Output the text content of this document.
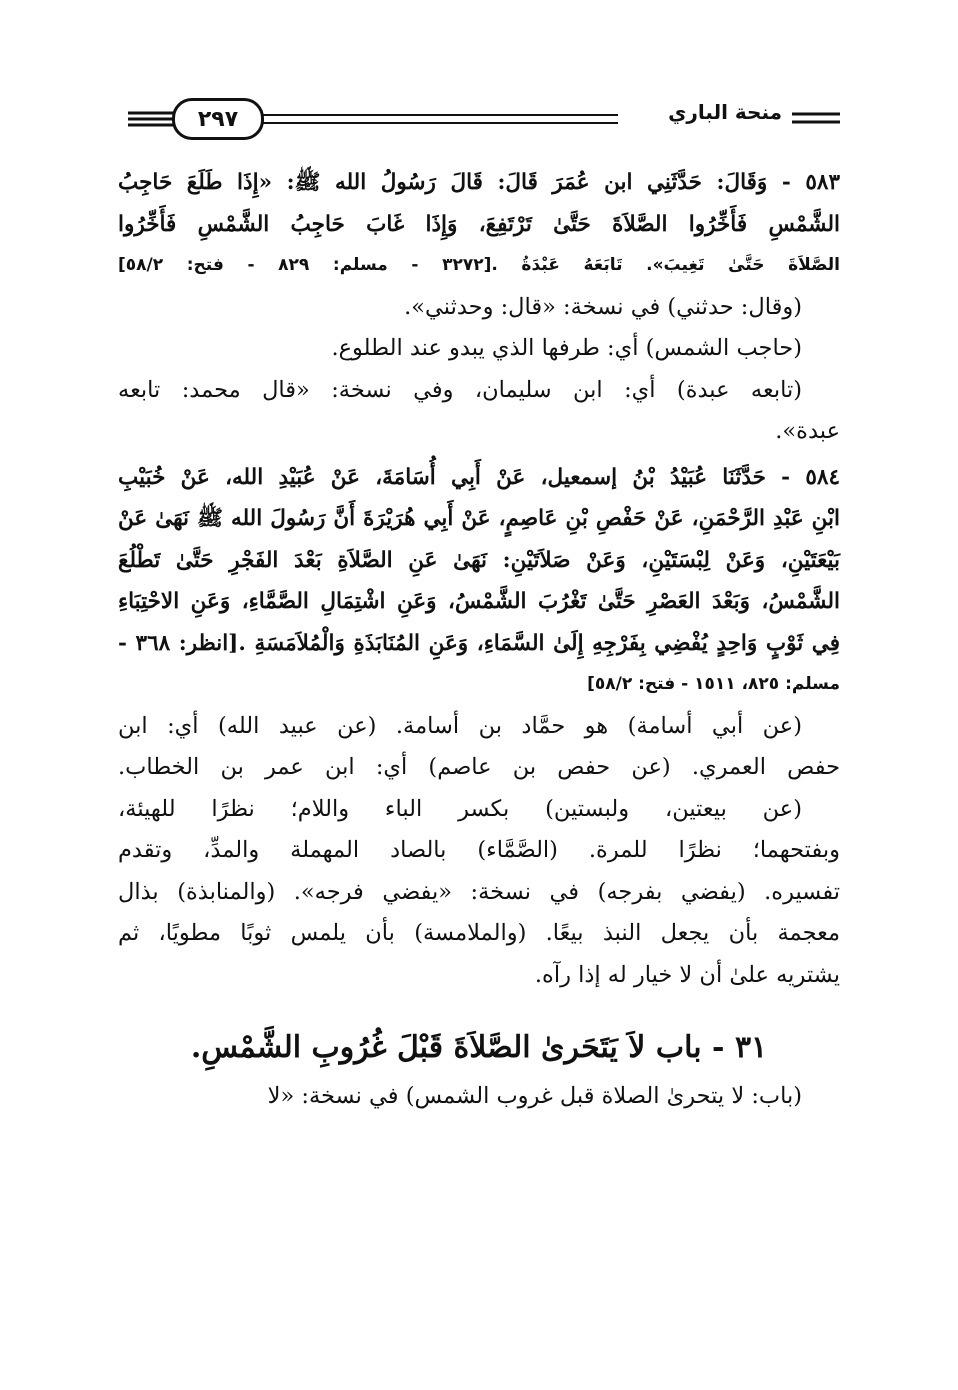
٢٩٧	منحة الباري
٥٨٣ - وَقَالَ: حَدَّثَنِي ابن عُمَرَ قَالَ: قَالَ رَسُولُ الله ﷺ: «إِذَا طَلَعَ حَاجِبُ
الشَّمْسِ فَأَخِّرُوا الصَّلاَةَ حَتَّىٰ تَرْتَفِعَ، وَإِذَا غَابَ حَاجِبُ الشَّمْسِ فَأَخِّرُوا
الصَّلاَةَ حَتَّىٰ تَغِيبَ». تَابَعَهُ عَبْدَةُ .[٣٢٧٢ - مسلم: ٨٢٩ - فتح: ٥٨/٢]
(وقال: حدثني) في نسخة: «قال: وحدثني».
(حاجب الشمس) أي: طرفها الذي يبدو عند الطلوع.
(تابعه عبدة) أي: ابن سليمان، وفي نسخة: «قال محمد: تابعه
عبدة».
٥٨٤ - حَدَّثَنَا عُبَيْدُ بْنُ إسمعيل، عَنْ أَبِي أُسَامَةَ، عَنْ عُبَيْدِ الله، عَنْ خُبَيْبِ
ابْنِ عَبْدِ الرَّحْمَنِ، عَنْ حَفْصِ بْنِ عَاصِمٍ، عَنْ أَبِي هُرَيْرَةَ أَنَّ رَسُولَ الله ﷺ نَهَىٰ عَنْ
بَيْعَتَيْنِ، وَعَنْ لِبْسَتَيْنِ، وَعَنْ صَلاَتَيْنِ: نَهَىٰ عَنِ الصَّلاَةِ بَعْدَ الفَجْرِ حَتَّىٰ تَطْلُعَ
الشَّمْسُ، وَبَعْدَ العَصْرِ حَتَّىٰ تَغْرُبَ الشَّمْسُ، وَعَنِ اشْتِمَالِ الصَّمَّاءِ، وَعَنِ الاحْتِبَاءِ
فِي ثَوْبٍ وَاحِدٍ يُفْضِي بِفَرْجِهِ إِلَىٰ السَّمَاءِ، وَعَنِ المُنَابَذَةِ وَالْمُلاَمَسَةِ .[انظر: ٣٦٨ -
مسلم: ٨٢٥، ١٥١١ - فتح: ٥٨/٢]
(عن أبي أسامة) هو حمَّاد بن أسامة. (عن عبيد الله) أي: ابن
حفص العمري. (عن حفص بن عاصم) أي: ابن عمر بن الخطاب.
(عن بيعتين، ولبستين) بكسر الباء واللام؛ نظرًا للهيئة،
وبفتحهما؛ نظرًا للمرة. (الصَّمَّاء) بالصاد المهملة والمدِّ، وتقدم
تفسيره. (يفضي بفرجه) في نسخة: «يفضي فرجه». (والمنابذة) بذال
معجمة بأن يجعل النبذ بيعًا. (والملامسة) بأن يلمس ثوبًا مطويًا، ثم
يشتريه علىٰ أن لا خيار له إذا رآه.
٣١ - باب لاَ يَتَحَرىٰ الصَّلاَةَ قَبْلَ غُرُوبِ الشَّمْسِ.
(باب: لا يتحرىٰ الصلاة قبل غروب الشمس) في نسخة: «لا
